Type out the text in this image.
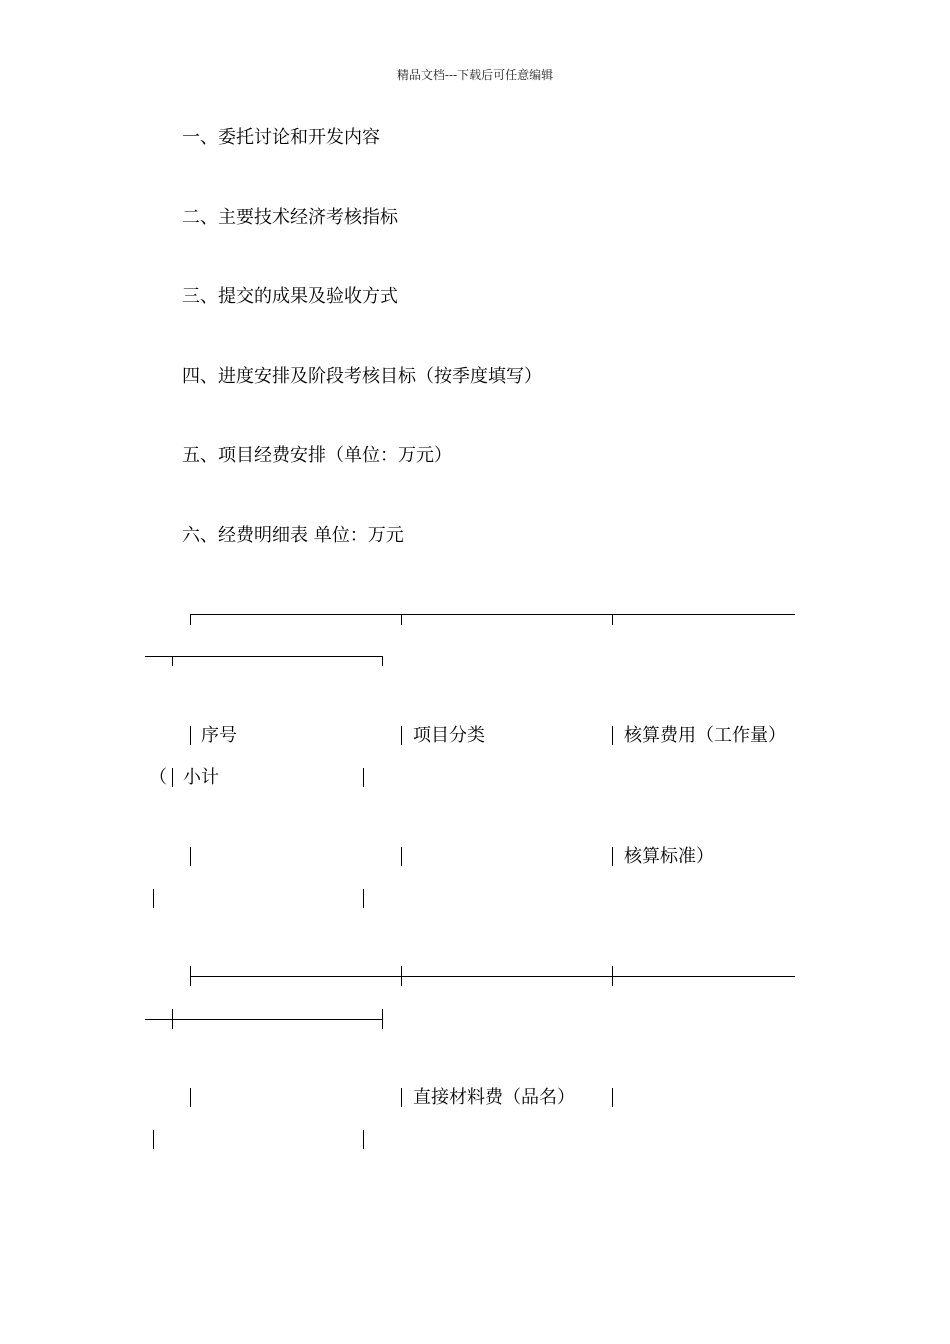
精品文档---下载后可任意编辑
一、委托讨论和开发内容
二、主要技术经济考核指标
三、提交的成果及验收方式
四、进度安排及阶段考核目标（按季度填写）
五、项目经费安排（单位：万元）
六、经费明细表 单位：万元
序号	项目分类	核算费用（工作量）
（ 小计
核算标准）
直接材料费（品名）
